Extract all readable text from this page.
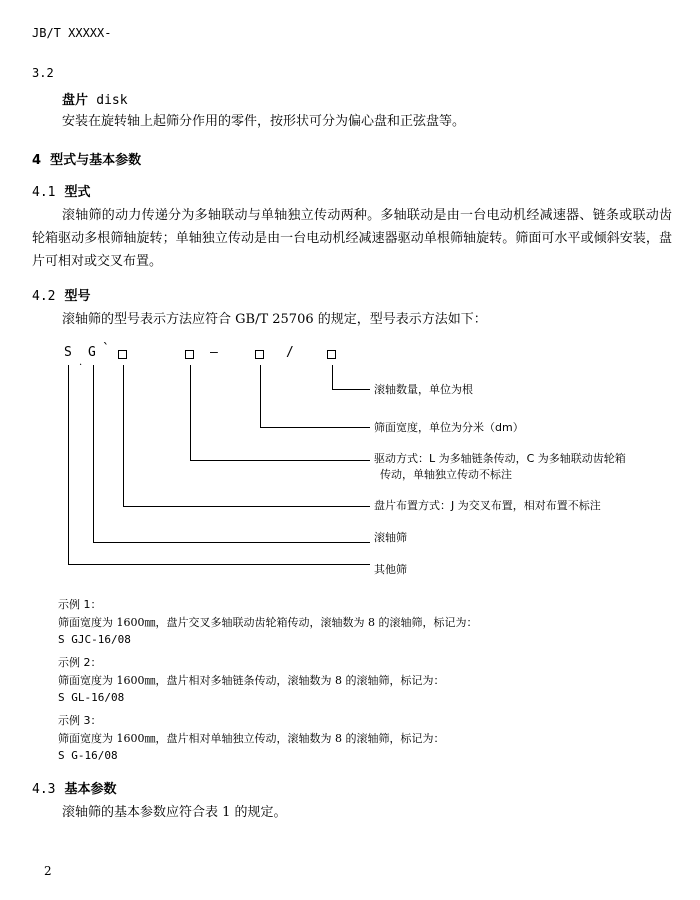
JB/T XXXXX-
3.2
盘片 disk
安装在旋转轴上起筛分作用的零件，按形状可分为偏心盘和正弦盘等。
4 型式与基本参数
4.1 型式
滚轴筛的动力传递分为多轴联动与单轴独立传动两种。多轴联动是由一台电动机经减速器、链条或联动齿轮箱驱动多根筛轴旋转；单轴独立传动是由一台电动机经减速器驱动单根筛轴旋转。筛面可水平或倾斜安装，盘片可相对或交叉布置。
4.2 型号
滚轴筛的型号表示方法应符合 GB/T 25706 的规定，型号表示方法如下：
S G `
.
—	/
滚轴数量，单位为根
筛面宽度，单位为分米（dm）
驱动方式：L 为多轴链条传动，C 为多轴联动齿轮箱
传动，单轴独立传动不标注
盘片布置方式：J 为交叉布置，相对布置不标注
滚轴筛
其他筛
示例 1：
筛面宽度为 1600㎜，盘片交叉多轴联动齿轮箱传动，滚轴数为 8 的滚轴筛，标记为：
S GJC-16/08
示例 2：
筛面宽度为 1600㎜，盘片相对多轴链条传动，滚轴数为 8 的滚轴筛，标记为：
S GL-16/08
示例 3：
筛面宽度为 1600㎜，盘片相对单轴独立传动，滚轴数为 8 的滚轴筛，标记为：
S G-16/08
4.3 基本参数
滚轴筛的基本参数应符合表 1 的规定。
2
